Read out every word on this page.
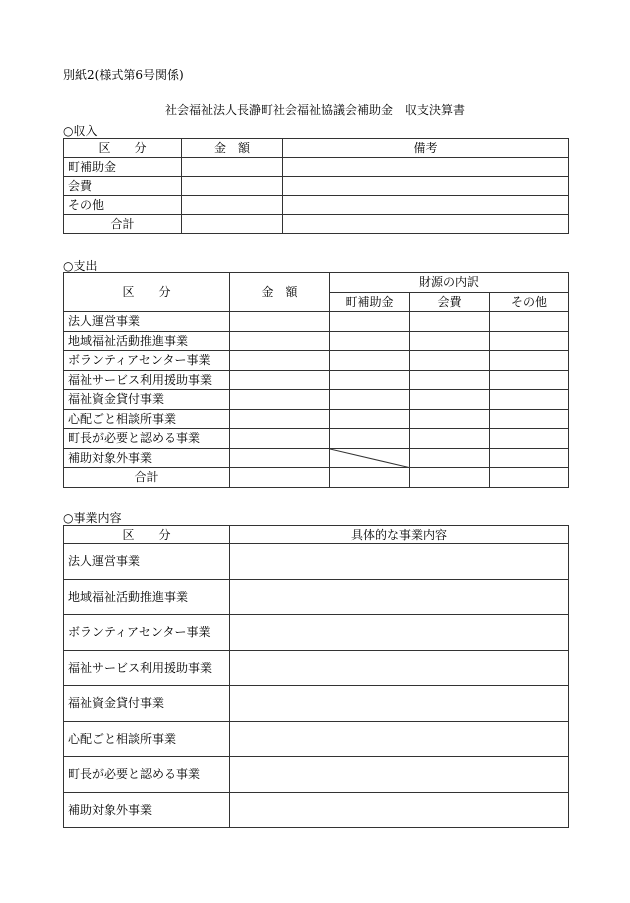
別紙2(様式第6号関係)
社会福祉法人長瀞町社会福祉協議会補助金　収支決算書
○収入
区　　分	金　額	備考
町補助金		
会費		
その他		
合計		
○支出
区　　分	金　額	財源の内訳		
		町補助金	会費	その他
法人運営事業				
地域福祉活動推進事業				
ボランティアセンター事業				
福祉サービス利用援助事業				
福祉資金貸付事業				
心配ごと相談所事業				
町長が必要と認める事業				
補助対象外事業		

合計				
○事業内容
区　　分	具体的な事業内容
法人運営事業	
地域福祉活動推進事業	
ボランティアセンター事業	
福祉サービス利用援助事業	
福祉資金貸付事業	
心配ごと相談所事業	
町長が必要と認める事業	
補助対象外事業	
